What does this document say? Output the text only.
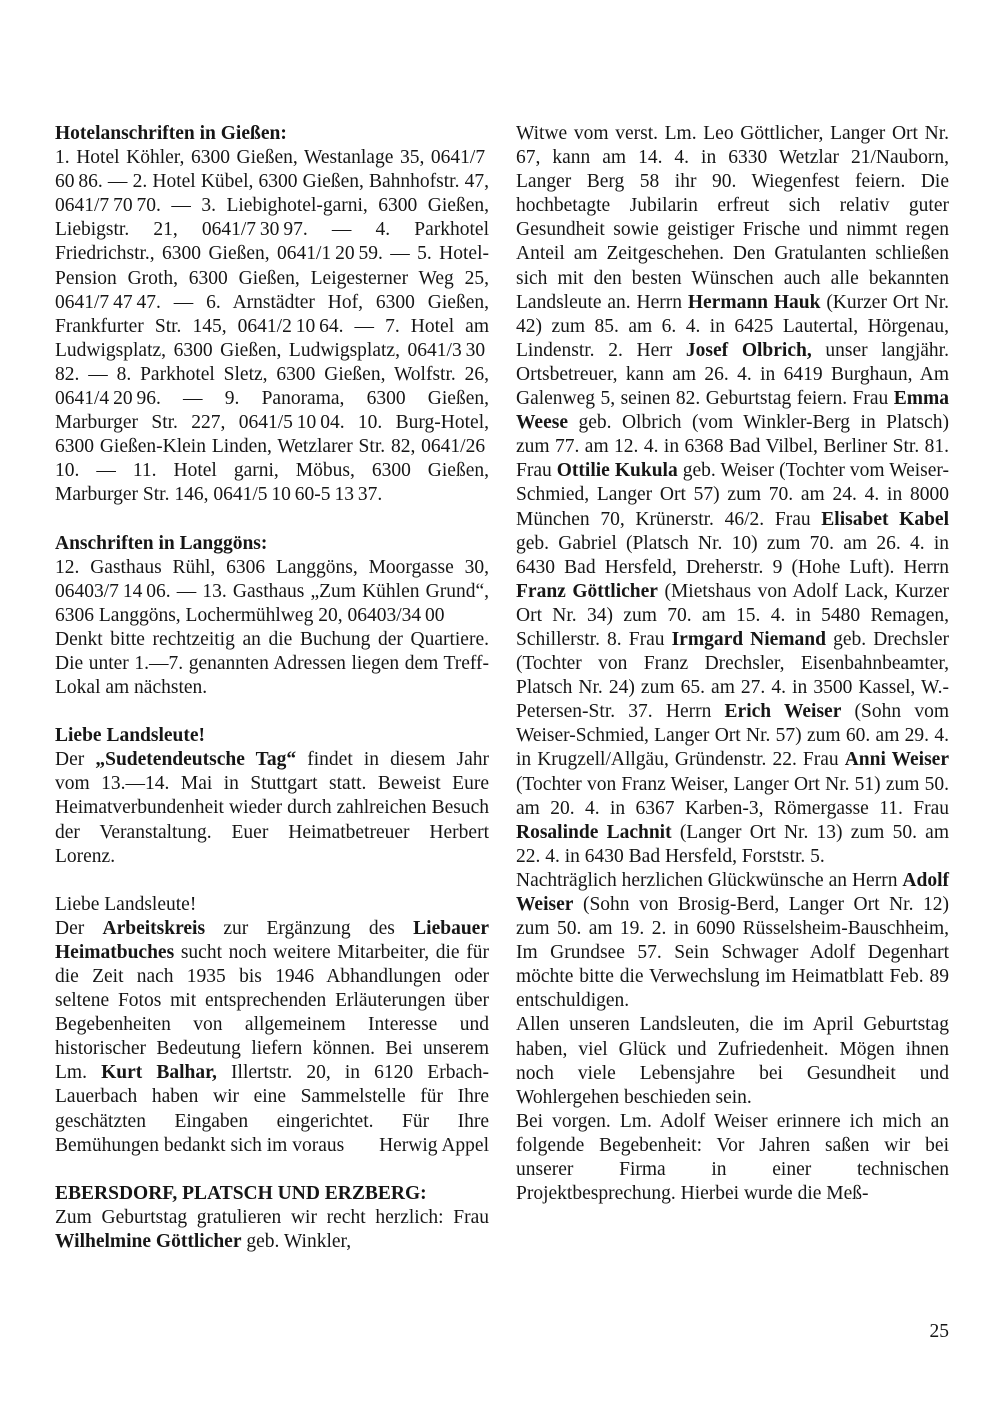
Hotelanschriften in Gießen:

1. Hotel Köhler, 6300 Gießen, Westanlage 35, 0641/7 60 86. — 2. Hotel Kübel, 6300 Gießen, Bahnhofstr. 47, 0641/7 70 70. — 3. Liebighotel-garni, 6300 Gießen, Liebigstr. 21, 0641/7 30 97. — 4. Parkhotel Friedrichstr., 6300 Gießen, 0641/1 20 59. — 5. Hotel-Pension Groth, 6300 Gießen, Leigesterner Weg 25, 0641/7 47 47. — 6. Arnstädter Hof, 6300 Gießen, Frankfurter Str. 145, 0641/2 10 64. — 7. Hotel am Ludwigsplatz, 6300 Gießen, Ludwigsplatz, 0641/3 30 82. — 8. Parkhotel Sletz, 6300 Gießen, Wolfstr. 26, 0641/4 20 96. — 9. Panorama, 6300 Gießen, Marburger Str. 227, 0641/5 10 04. 10. Burg-Hotel, 6300 Gießen-Klein Linden, Wetzlarer Str. 82, 0641/26 10. — 11. Hotel garni, Möbus, 6300 Gießen, Marburger Str. 146, 0641/5 10 60-5 13 37.

Anschriften in Langgöns:

12. Gasthaus Rühl, 6306 Langgöns, Moorgasse 30, 06403/7 14 06. — 13. Gasthaus „Zum Kühlen Grund“, 6306 Langgöns, Lochermühlweg 20, 06403/34 00

Denkt bitte rechtzeitig an die Buchung der Quartiere. Die unter 1.—7. genannten Adressen liegen dem Treff-Lokal am nächsten.

Liebe Landsleute!

Der „Sudetendeutsche Tag“ findet in diesem Jahr vom 13.—14. Mai in Stuttgart statt. Beweist Eure Heimatverbundenheit wieder durch zahlreichen Besuch der Veranstaltung. Euer Heimatbetreuer Herbert Lorenz.

Liebe Landsleute!

Der Arbeitskreis zur Ergänzung des Liebauer Heimatbuches sucht noch weitere Mitarbeiter, die für die Zeit nach 1935 bis 1946 Abhandlungen oder seltene Fotos mit entsprechenden Erläuterungen über Begebenheiten von allgemeinem Interesse und historischer Bedeutung liefern können. Bei unserem Lm. Kurt Balhar, Illertstr. 20, in 6120 Erbach-Lauerbach haben wir eine Sammelstelle für Ihre geschätzten Eingaben eingerichtet. Für Ihre Bemühungen bedankt sich im voraus Herwig Appel

EBERSDORF, PLATSCH UND ERZBERG:

Zum Geburtstag gratulieren wir recht herzlich: Frau Wilhelmine Göttlicher geb. Winkler,

Witwe vom verst. Lm. Leo Göttlicher, Langer Ort Nr. 67, kann am 14. 4. in 6330 Wetzlar 21/Nauborn, Langer Berg 58 ihr 90. Wiegenfest feiern. Die hochbetagte Jubilarin erfreut sich relativ guter Gesundheit sowie geistiger Frische und nimmt regen Anteil am Zeitgeschehen. Den Gratulanten schließen sich mit den besten Wünschen auch alle bekannten Landsleute an. Herrn Hermann Hauk (Kurzer Ort Nr. 42) zum 85. am 6. 4. in 6425 Lautertal, Hörgenau, Lindenstr. 2. Herr Josef Olbrich, unser langjähr. Ortsbetreuer, kann am 26. 4. in 6419 Burghaun, Am Galenweg 5, seinen 82. Geburtstag feiern. Frau Emma Weese geb. Olbrich (vom Winkler-Berg in Platsch) zum 77. am 12. 4. in 6368 Bad Vilbel, Berliner Str. 81. Frau Ottilie Kukula geb. Weiser (Tochter vom Weiser-Schmied, Langer Ort 57) zum 70. am 24. 4. in 8000 München 70, Krünerstr. 46/2. Frau Elisabet Kabel geb. Gabriel (Platsch Nr. 10) zum 70. am 26. 4. in 6430 Bad Hersfeld, Dreherstr. 9 (Hohe Luft). Herrn Franz Göttlicher (Mietshaus von Adolf Lack, Kurzer Ort Nr. 34) zum 70. am 15. 4. in 5480 Remagen, Schillerstr. 8. Frau Irmgard Niemand geb. Drechsler (Tochter von Franz Drechsler, Eisenbahnbeamter, Platsch Nr. 24) zum 65. am 27. 4. in 3500 Kassel, W.-Petersen-Str. 37. Herrn Erich Weiser (Sohn vom Weiser-Schmied, Langer Ort Nr. 57) zum 60. am 29. 4. in Krugzell/Allgäu, Gründenstr. 22. Frau Anni Weiser (Tochter von Franz Weiser, Langer Ort Nr. 51) zum 50. am 20. 4. in 6367 Karben-3, Römergasse 11. Frau Rosalinde Lachnit (Langer Ort Nr. 13) zum 50. am 22. 4. in 6430 Bad Hersfeld, Forststr. 5.

Nachträglich herzlichen Glückwünsche an Herrn Adolf Weiser (Sohn von Brosig-Berd, Langer Ort Nr. 12) zum 50. am 19. 2. in 6090 Rüsselsheim-Bauschheim, Im Grundsee 57. Sein Schwager Adolf Degenhart möchte bitte die Verwechslung im Heimatblatt Feb. 89 entschuldigen.

Allen unseren Landsleuten, die im April Geburtstag haben, viel Glück und Zufriedenheit. Mögen ihnen noch viele Lebensjahre bei Gesundheit und Wohlergehen beschieden sein.

Bei vorgen. Lm. Adolf Weiser erinnere ich mich an folgende Begebenheit: Vor Jahren saßen wir bei unserer Firma in einer technischen Projektbesprechung. Hierbei wurde die Meß-

25
